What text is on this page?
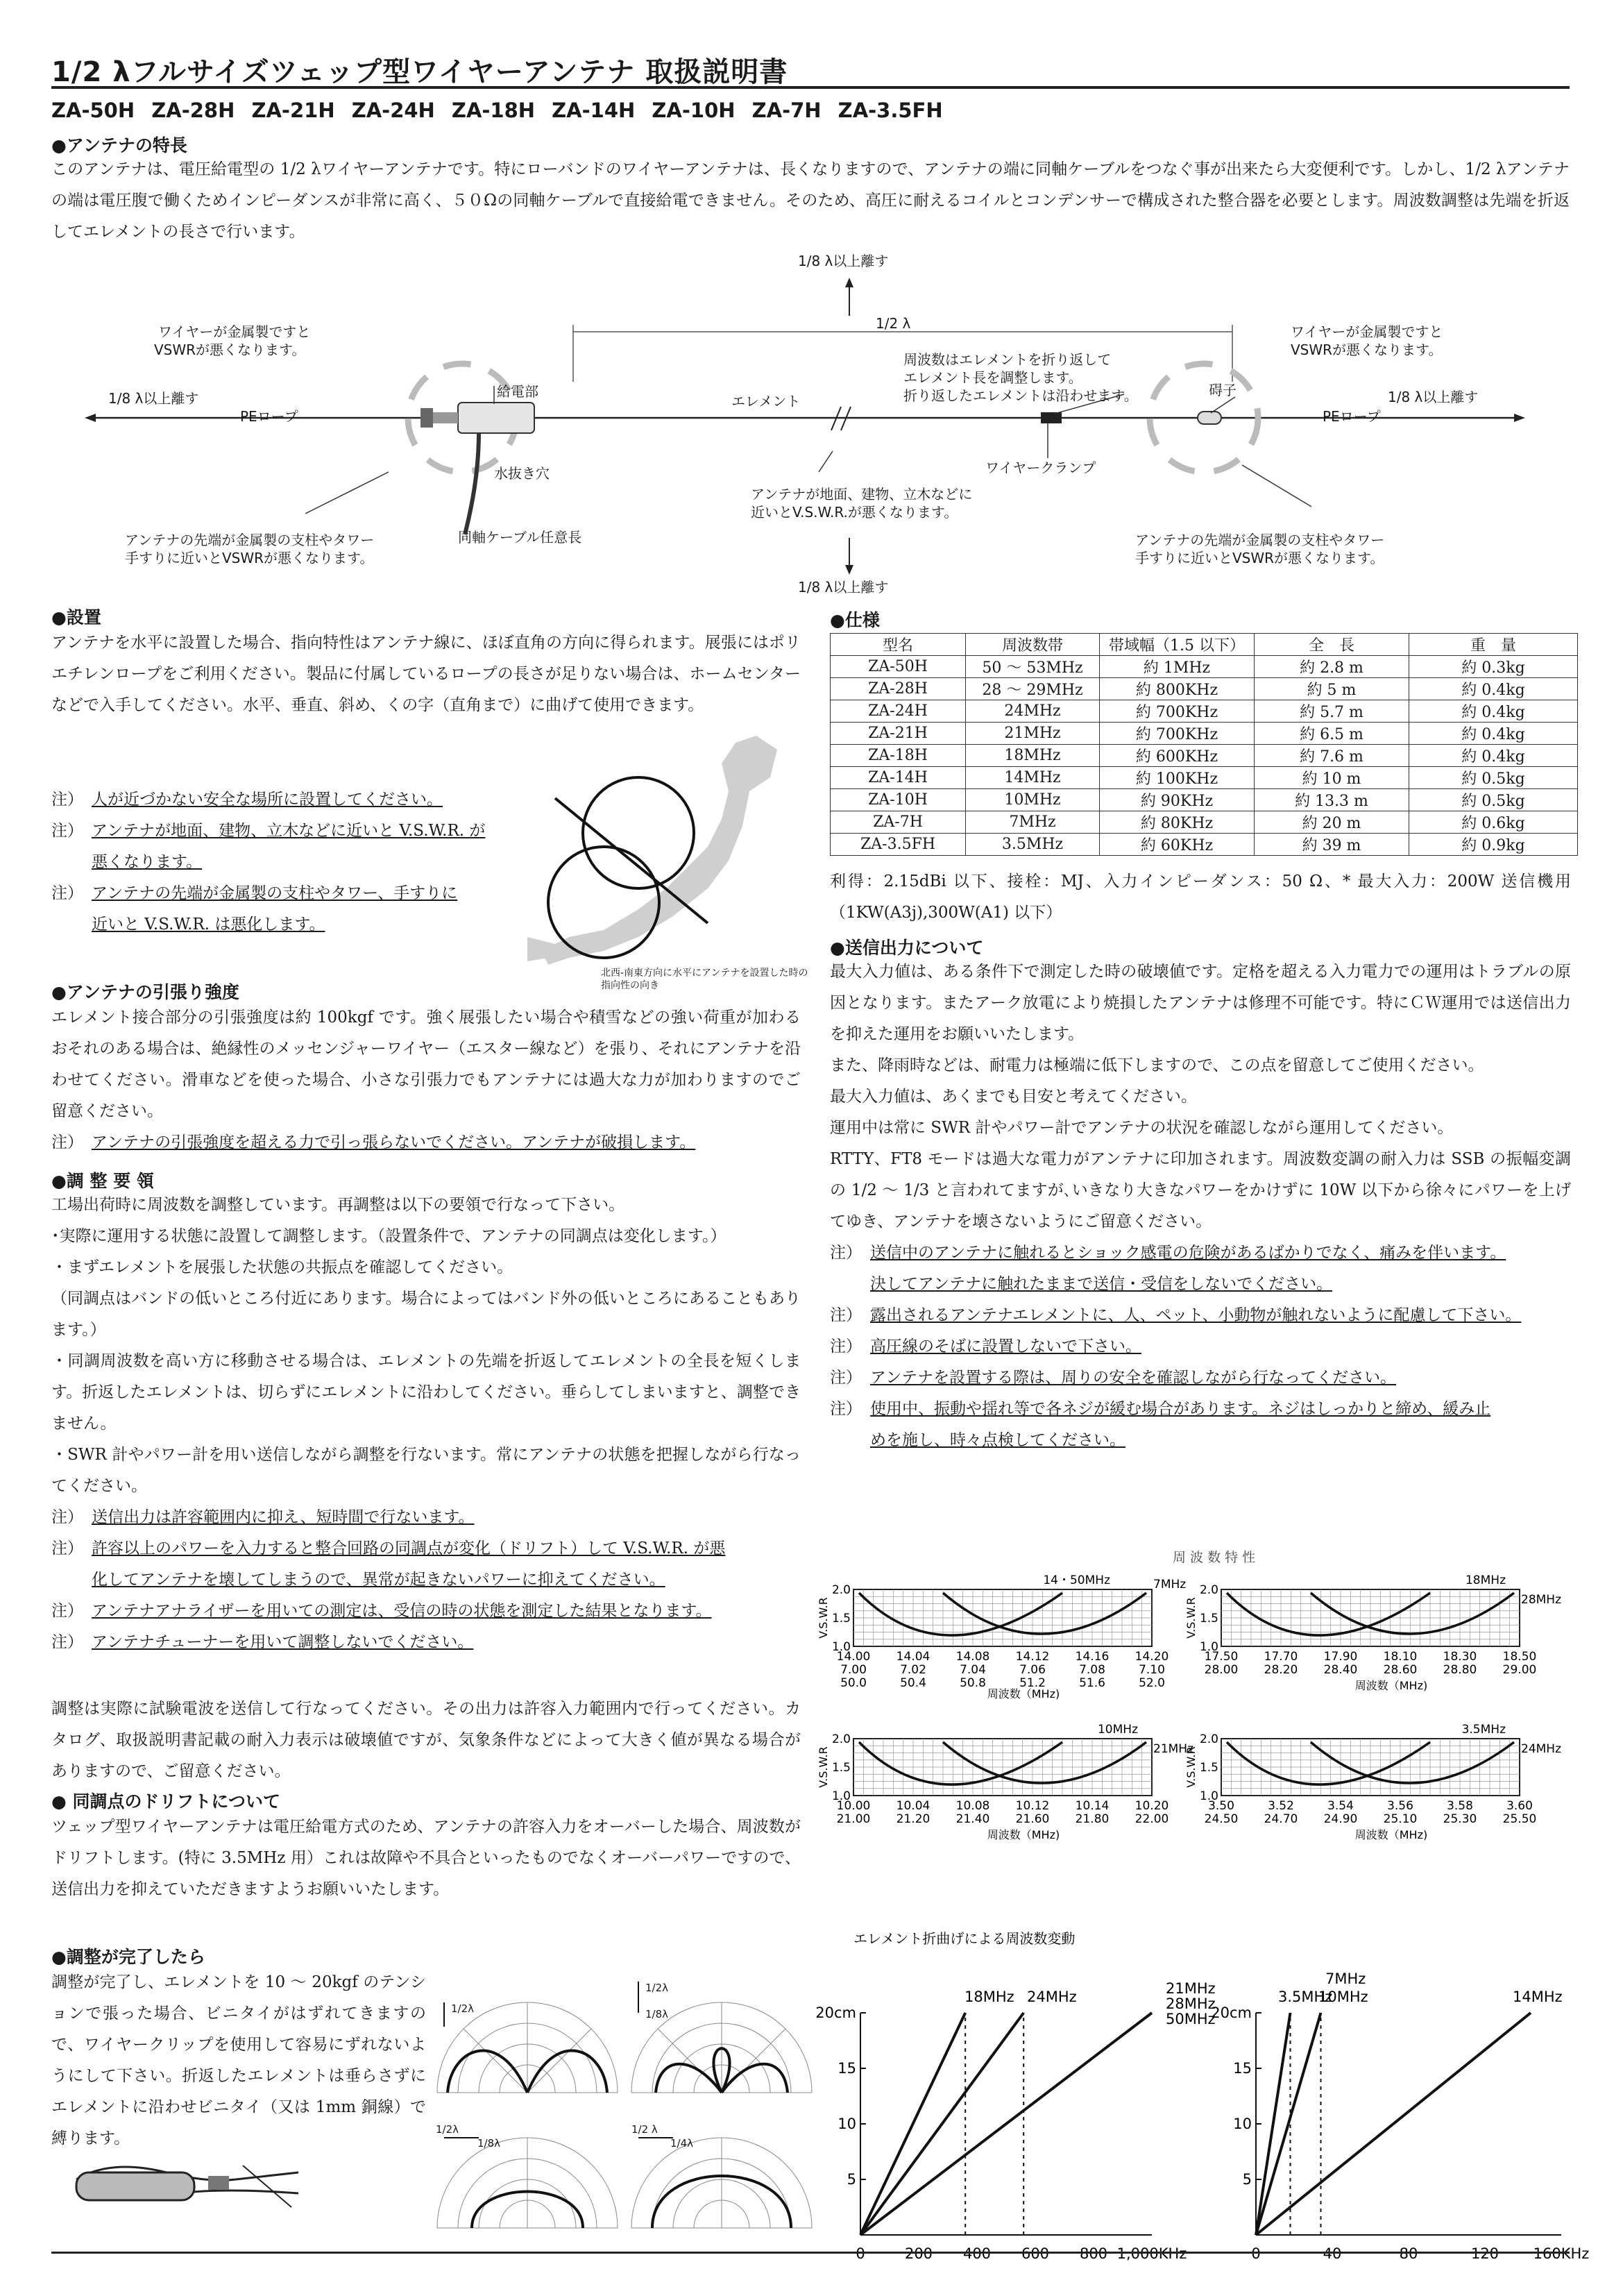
1/2 λフルサイズツェップ型ワイヤーアンテナ 取扱説明書
ZA-50H ZA-28H ZA-21H ZA-24H ZA-18H ZA-14H ZA-10H ZA-7H ZA-3.5FH

●アンテナの特長

このアンテナは、電圧給電型の 1/2 λワイヤーアンテナです。特にローバンドのワイヤーアンテナは、長くなりますので、アンテナの端に同軸ケーブルをつなぐ事が出来たら大変便利です。しかし、1/2 λアンテナの端は電圧腹で働くためインピーダンスが非常に高く、５０Ωの同軸ケーブルで直接給電できません。そのため、高圧に耐えるコイルとコンデンサーで構成された整合器を必要とします。周波数調整は先端を折返してエレメントの長さで行います。

1/8 λ以上離す
1/2 λ
ワイヤーが金属製ですと
VSWRが悪くなります。
ワイヤーが金属製ですと
VSWRが悪くなります。
1/8 λ以上離す	1/8 λ以上離す
PEロープ	PEロープ
給電部
エレメント
周波数はエレメントを折り返して
エレメント長を調整します。
折り返したエレメントは沿わせます。	碍子
水抜き穴	ワイヤークランプ
アンテナが地面、建物、立木などに
近いとV.S.W.R.が悪くなります。
同軸ケーブル任意長
アンテナの先端が金属製の支柱やタワー
手すりに近いとVSWRが悪くなります。
アンテナの先端が金属製の支柱やタワー
手すりに近いとVSWRが悪くなります。
1/8 λ以上離す

●設置

アンテナを水平に設置した場合、指向特性はアンテナ線に、ほぼ直角の方向に得られます。展張にはポリエチレンロープをご利用ください。製品に付属しているロープの長さが足りない場合は、ホームセンターなどで入手してください。水平、垂直、斜め、くの字（直角まで）に曲げて使用できます。

注） 人が近づかない安全な場所に設置してください。
注） アンテナが地面、建物、立木などに近いと V.S.W.R. が
悪くなります。
注） アンテナの先端が金属製の支柱やタワー、手すりに
近いと V.S.W.R. は悪化します。
北西-南東方向に水平にアンテナを設置した時の
指向性の向き

●アンテナの引張り強度

エレメント接合部分の引張強度は約 100kgf です。強く展張したい場合や積雪などの強い荷重が加わるおそれのある場合は、絶縁性のメッセンジャーワイヤー（エスター線など）を張り、それにアンテナを沿わせてください。滑車などを使った場合、小さな引張力でもアンテナには過大な力が加わりますのでご留意ください。

注） アンテナの引張強度を超える力で引っ張らないでください。アンテナが破損します。

●調 整 要 領

工場出荷時に周波数を調整しています。再調整は以下の要領で行なって下さい。
･実際に運用する状態に設置して調整します。（設置条件で、アンテナの同調点は変化します。）
・まずエレメントを展張した状態の共振点を確認してください。

（同調点はバンドの低いところ付近にあります。場合によってはバンド外の低いところにあることもあります。）

・同調周波数を高い方に移動させる場合は、エレメントの先端を折返してエレメントの全長を短くします。折返したエレメントは、切らずにエレメントに沿わしてください。垂らしてしまいますと、調整できません。

・SWR 計やパワー計を用い送信しながら調整を行ないます。常にアンテナの状態を把握しながら行なってください。

注） 送信出力は許容範囲内に抑え、短時間で行ないます。
注） 許容以上のパワーを入力すると整合回路の同調点が変化（ドリフト）して V.S.W.R. が悪
化してアンテナを壊してしまうので、異常が起きないパワーに抑えてください。
注） アンテナアナライザーを用いての測定は、受信の時の状態を測定した結果となります。
注） アンテナチューナーを用いて調整しないでください。

調整は実際に試験電波を送信して行なってください。その出力は許容入力範囲内で行ってください。カタログ、取扱説明書記載の耐入力表示は破壊値ですが、気象条件などによって大きく値が異なる場合がありますので、ご留意ください。

● 同調点のドリフトについて

ツェップ型ワイヤーアンテナは電圧給電方式のため、アンテナの許容入力をオーバーした場合、周波数がドリフトします。(特に 3.5MHz 用）これは故障や不具合といったものでなくオーバーパワーですので、送信出力を抑えていただきますようお願いいたします。

●調整が完了したら

調整が完了し、エレメントを 10 ～ 20kgf のテンションで張った場合、ビニタイがはずれてきますので、ワイヤークリップを使用して容易にずれないようにして下さい。折返したエレメントは垂らさずにエレメントに沿わせビニタイ（又は 1mm 銅線）で縛ります。

1/2λ
1/2λ
1/8λ
1/2λ
1/8λ
1/2 λ
1/4λ

●仕様

型名	周波数帯	帯域幅（1.5 以下）	全　長	重　量
ZA-50H	50 ～ 53MHz	約 1MHz	約 2.8 m	約 0.3kg
ZA-28H	28 ～ 29MHz	約 800KHz	約 5 m	約 0.4kg
ZA-24H	24MHz	約 700KHz	約 5.7 m	約 0.4kg
ZA-21H	21MHz	約 700KHz	約 6.5 m	約 0.4kg
ZA-18H	18MHz	約 600KHz	約 7.6 m	約 0.4kg
ZA-14H	14MHz	約 100KHz	約 10 m	約 0.5kg
ZA-10H	10MHz	約 90KHz	約 13.3 m	約 0.5kg
ZA-7H	7MHz	約 80KHz	約 20 m	約 0.6kg
ZA-3.5FH	3.5MHz	約 60KHz	約 39 m	約 0.9kg

利得：2.15dBi 以下、接栓：MJ、入力インピーダンス：50 Ω、* 最大入力：200W 送信機用（1KW(A3j),300W(A1) 以下）

●送信出力について

最大入力値は、ある条件下で測定した時の破壊値です。定格を超える入力電力での運用はトラブルの原因となります。またアーク放電により焼損したアンテナは修理不可能です。特にＣＷ運用では送信出力を抑えた運用をお願いいたします。

また、降雨時などは、耐電力は極端に低下しますので、この点を留意してご使用ください。
最大入力値は、あくまでも目安と考えてください。
運用中は常に SWR 計やパワー計でアンテナの状況を確認しながら運用してください。

RTTY、FT8 モードは過大な電力がアンテナに印加されます。周波数変調の耐入力は SSB の振幅変調の 1/2 ～ 1/3 と言われてますが､いきなり大きなパワーをかけずに 10W 以下から徐々にパワーを上げてゆき、アンテナを壊さないようにご留意ください。

注） 送信中のアンテナに触れるとショック感電の危険があるばかりでなく、痛みを伴います。
決してアンテナに触れたままで送信・受信をしないでください。
注） 露出されるアンテナエレメントに、人、ペット、小動物が触れないように配慮して下さい。
注） 高圧線のそばに設置しないで下さい。
注） アンテナを設置する際は、周りの安全を確認しながら行なってください。
注） 使用中、振動や揺れ等で各ネジが緩む場合があります。ネジはしっかりと締め、緩み止
めを施し、時々点検してください。
周 波 数 特 性
2.0
1.5
1.0
V.S.W.R
14.00 14.04 14.08 14.12 14.16 14.20
50.0	50.4	50.8	51.2	51.6	52.0
7.00	7.02	7.04	7.06	7.08	7.10
周波数（MHz)
14・50MHz	7MHz 2.0
1.5
1.0
V.S.W.R
17.50 17.70 17.90 18.10 18.30 18.50
28.00 28.20 28.40 28.60 28.80 29.00
周波数（MHz)
18MHz
28MHz
2.0
1.5
1.0
V.S.W.R
10.00 10.04 10.08 10.12 10.14 10.20
21.00 21.20 21.40 21.60 21.80 22.00
周波数（MHz)
10MHz
21MHz
2.0
1.5
1.0
V.S.W.R
3.50	3.52	3.54	3.56	3.58	3.60
24.50 24.70 24.90 25.10 25.30 25.50
周波数（MHz)
3.5MHz
24MHz
エレメント折曲げによる周波数変動
20cm
15
10
5
0	200 400 600 800 1,000KHz
18MHz 24MHz	21MHz
28MHz
50MHz
20cm
15
10
5
0	40	80	120 160KHz
3.5MHz
7MHz
10MHz	14MHz
